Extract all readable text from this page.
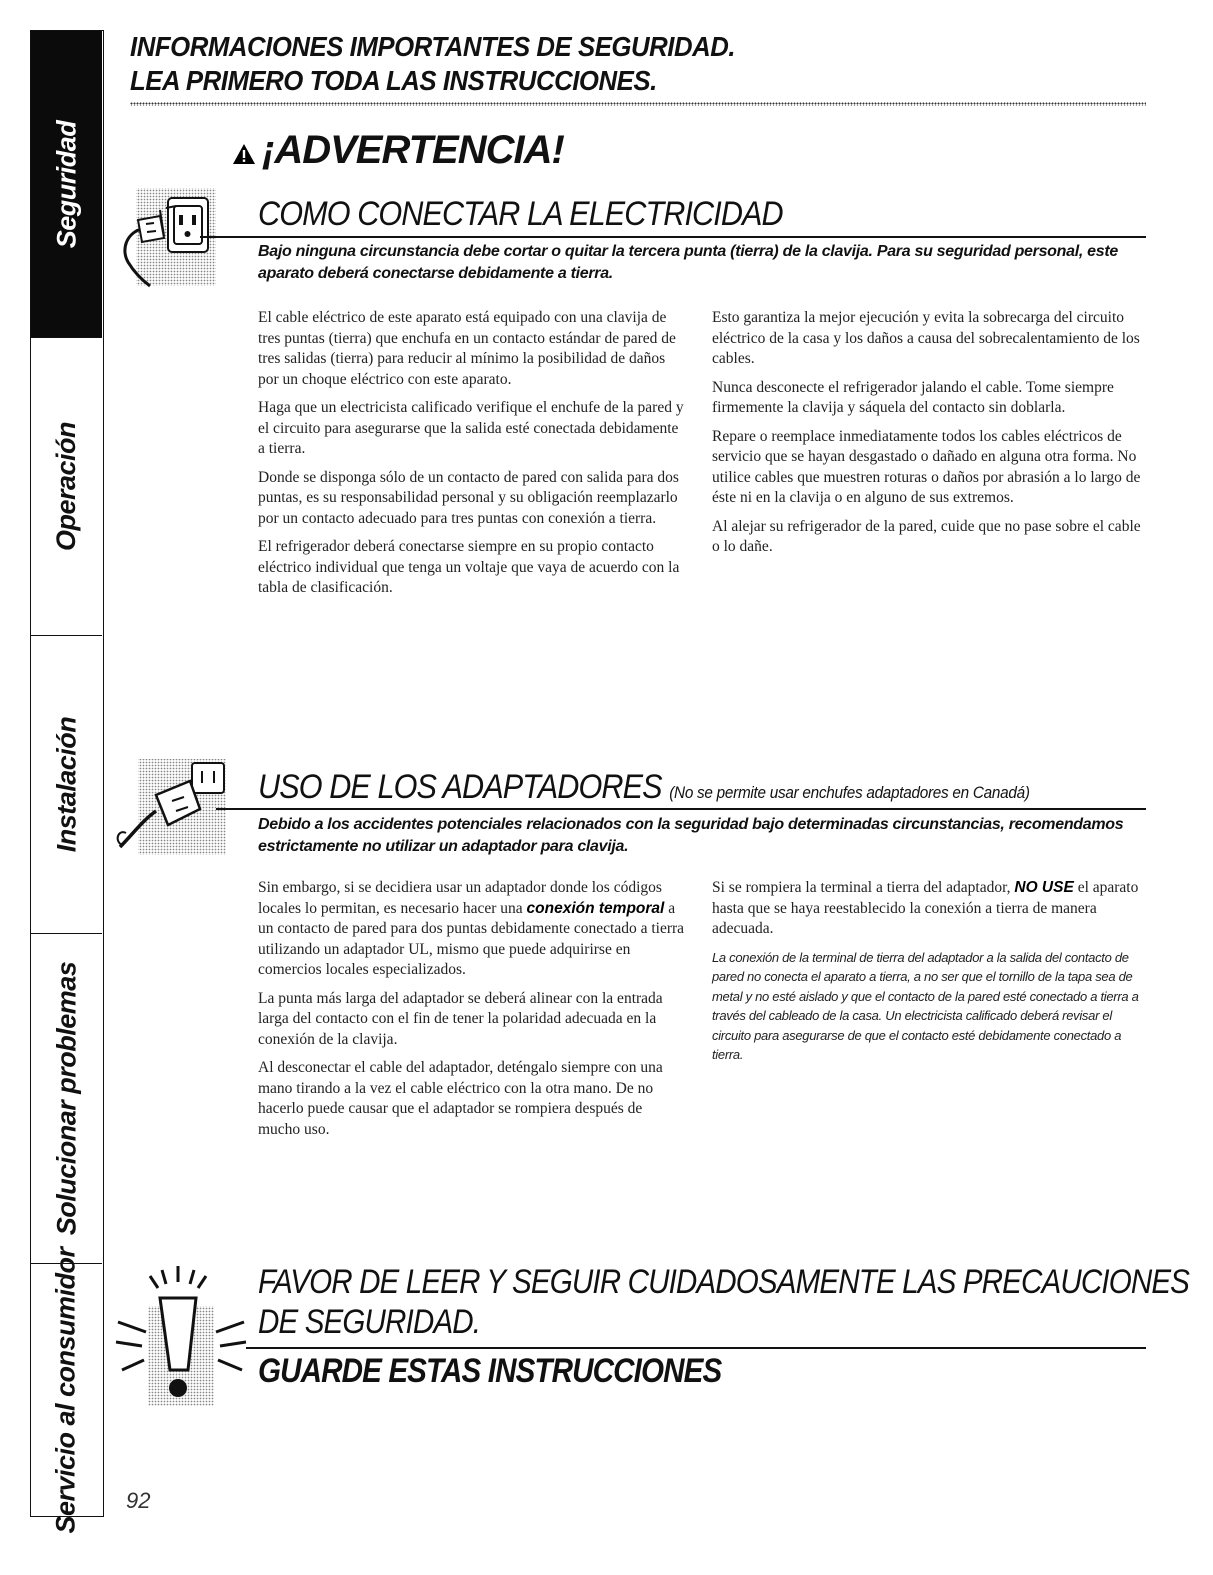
Seguridad
Operación
Instalación
Solucionar problemas
Servicio al consumidor
INFORMACIONES IMPORTANTES DE SEGURIDAD.
LEA PRIMERO TODA LAS INSTRUCCIONES.
¡ADVERTENCIA!
COMO CONECTAR LA ELECTRICIDAD
Bajo ninguna circunstancia debe cortar o quitar la tercera punta (tierra) de la clavija. Para su seguridad personal, este aparato deberá conectarse debidamente a tierra.

El cable eléctrico de este aparato está equipado con una clavija de tres puntas (tierra) que enchufa en un contacto estándar de pared de tres salidas (tierra) para reducir al mínimo la posibilidad de daños por un choque eléctrico con este aparato.

Haga que un electricista calificado verifique el enchufe de la pared y el circuito para asegurarse que la salida esté conectada debidamente a tierra.

Donde se disponga sólo de un contacto de pared con salida para dos puntas, es su responsabilidad personal y su obligación reemplazarlo por un contacto adecuado para tres puntas con conexión a tierra.

El refrigerador deberá conectarse siempre en su propio contacto eléctrico individual que tenga un voltaje que vaya de acuerdo con la tabla de clasificación.

Esto garantiza la mejor ejecución y evita la sobrecarga del circuito eléctrico de la casa y los daños a causa del sobrecalentamiento de los cables.

Nunca desconecte el refrigerador jalando el cable. Tome siempre firmemente la clavija y sáquela del contacto sin doblarla.

Repare o reemplace inmediatamente todos los cables eléctricos de servicio que se hayan desgastado o dañado en alguna otra forma. No utilice cables que muestren roturas o daños por abrasión a lo largo de éste ni en la clavija o en alguno de sus extremos.

Al alejar su refrigerador de la pared, cuide que no pase sobre el cable o lo dañe.

USO DE LOS ADAPTADORES (No se permite usar enchufes adaptadores en Canadá)
Debido a los accidentes potenciales relacionados con la seguridad bajo determinadas circunstancias, recomendamos estrictamente no utilizar un adaptador para clavija.

Sin embargo, si se decidiera usar un adaptador donde los códigos locales lo permitan, es necesario hacer una conexión temporal a un contacto de pared para dos puntas debidamente conectado a tierra utilizando un adaptador UL, mismo que puede adquirirse en comercios locales especializados.

La punta más larga del adaptador se deberá alinear con la entrada larga del contacto con el fin de tener la polaridad adecuada en la conexión de la clavija.

Al desconectar el cable del adaptador, deténgalo siempre con una mano tirando a la vez el cable eléctrico con la otra mano. De no hacerlo puede causar que el adaptador se rompiera después de mucho uso.

Si se rompiera la terminal a tierra del adaptador, NO USE el aparato hasta que se haya reestablecido la conexión a tierra de manera adecuada.

La conexión de la terminal de tierra del adaptador a la salida del contacto de pared no conecta el aparato a tierra, a no ser que el tornillo de la tapa sea de metal y no esté aislado y que el contacto de la pared esté conectado a tierra a través del cableado de la casa. Un electricista calificado deberá revisar el circuito para asegurarse de que el contacto esté debidamente conectado a tierra.

FAVOR DE LEER Y SEGUIR CUIDADOSAMENTE LAS PRECAUCIONES
DE SEGURIDAD.
GUARDE ESTAS INSTRUCCIONES
92
